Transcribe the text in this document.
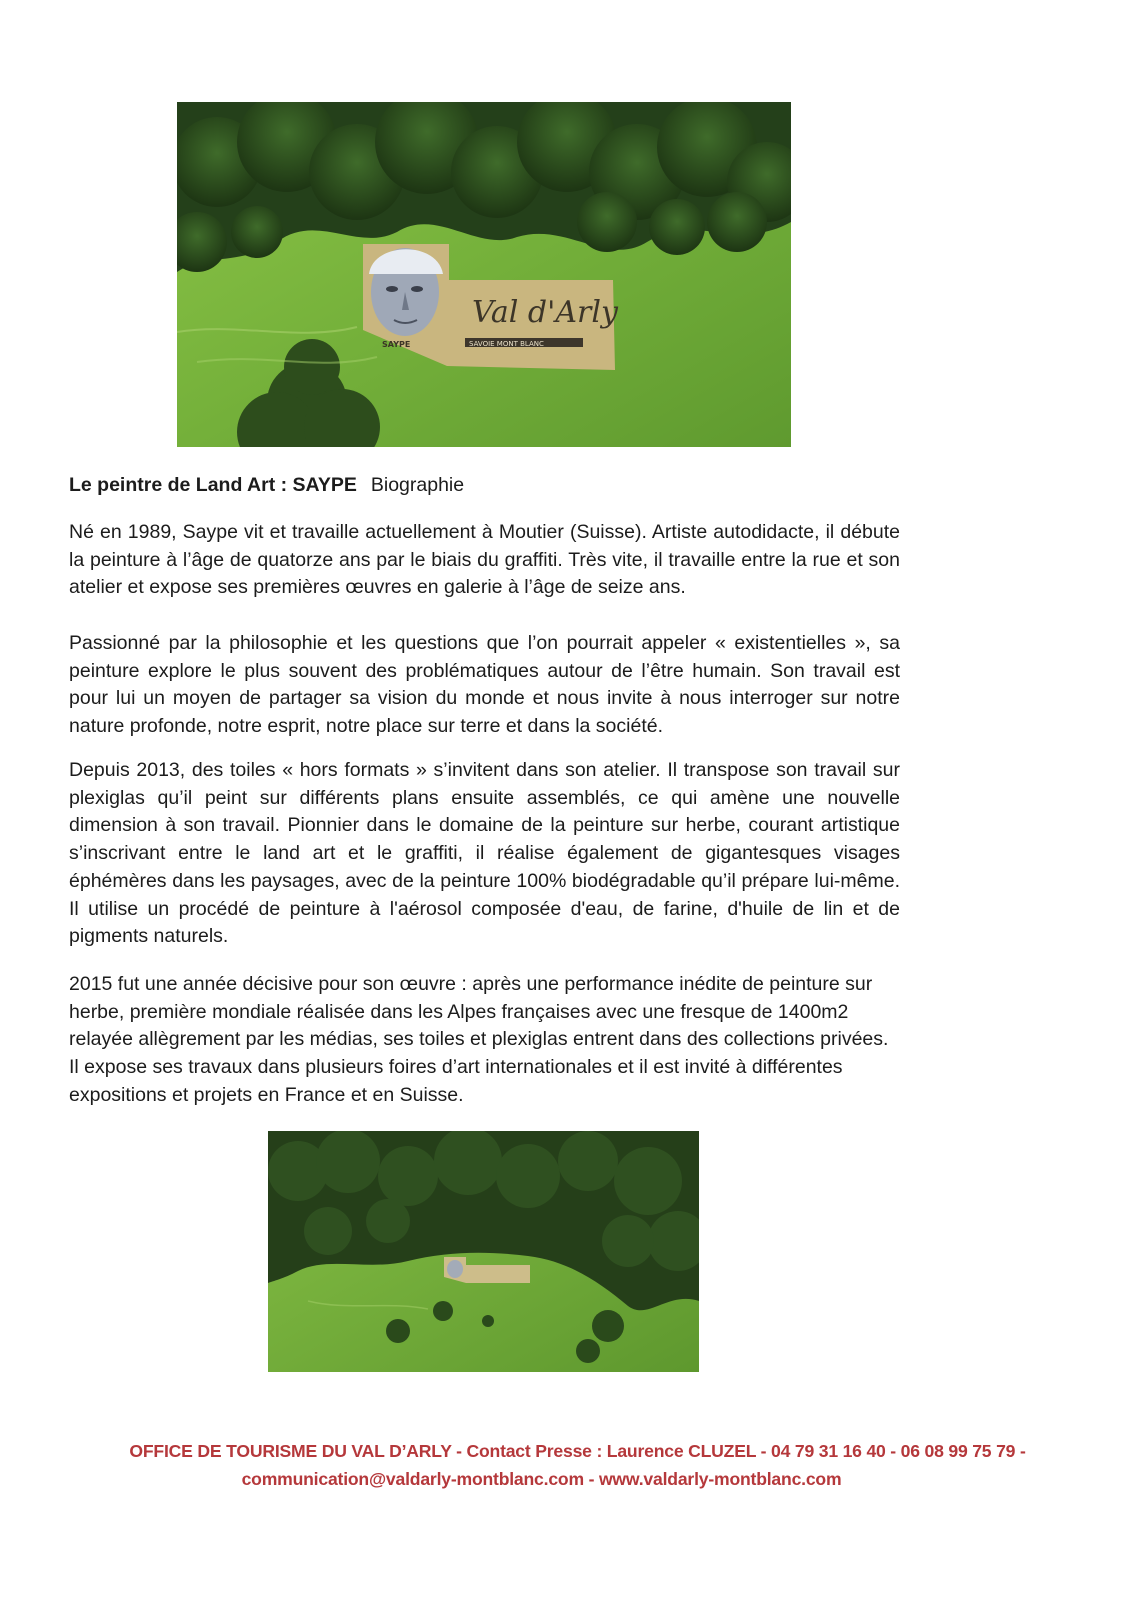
SAYPE
Val d'Arly
SAVOIE MONT BLANC
Le peintre de Land Art : SAYPE Biographie

Né en 1989, Saype vit et travaille actuellement à Moutier (Suisse). Artiste autodidacte, il débute la peinture à l’âge de quatorze ans par le biais du graffiti. Très vite, il travaille entre la rue et son atelier et expose ses premières œuvres en galerie à l’âge de seize ans.

Passionné par la philosophie et les questions que l’on pourrait appeler « existentielles », sa peinture explore le plus souvent des problématiques autour de l’être humain. Son travail est pour lui un moyen de partager sa vision du monde et nous invite à nous interroger sur notre nature profonde, notre esprit, notre place sur terre et dans la société.

Depuis 2013, des toiles « hors formats » s’invitent dans son atelier. Il transpose son travail sur plexiglas qu’il peint sur différents plans ensuite assemblés, ce qui amène une nouvelle dimension à son travail. Pionnier dans le domaine de la peinture sur herbe, courant artistique s’inscrivant entre le land art et le graffiti, il réalise également de gigantesques visages éphémères dans les paysages, avec de la peinture 100% biodégradable qu’il prépare lui-même. Il utilise un procédé de peinture à l'aérosol composée d'eau, de farine, d'huile de lin et de pigments naturels.

2015 fut une année décisive pour son œuvre : après une performance inédite de peinture sur herbe, première mondiale réalisée dans les Alpes françaises avec une fresque de 1400m2 relayée allègrement par les médias, ses toiles et plexiglas entrent dans des collections privées. Il expose ses travaux dans plusieurs foires d’art internationales et il est invité à différentes expositions et projets en France et en Suisse.

OFFICE DE TOURISME DU VAL D’ARLY - Contact Presse : Laurence CLUZEL - 04 79 31 16 40 - 06 08 99 75 79 -
communication@valdarly-montblanc.com - www.valdarly-montblanc.com
